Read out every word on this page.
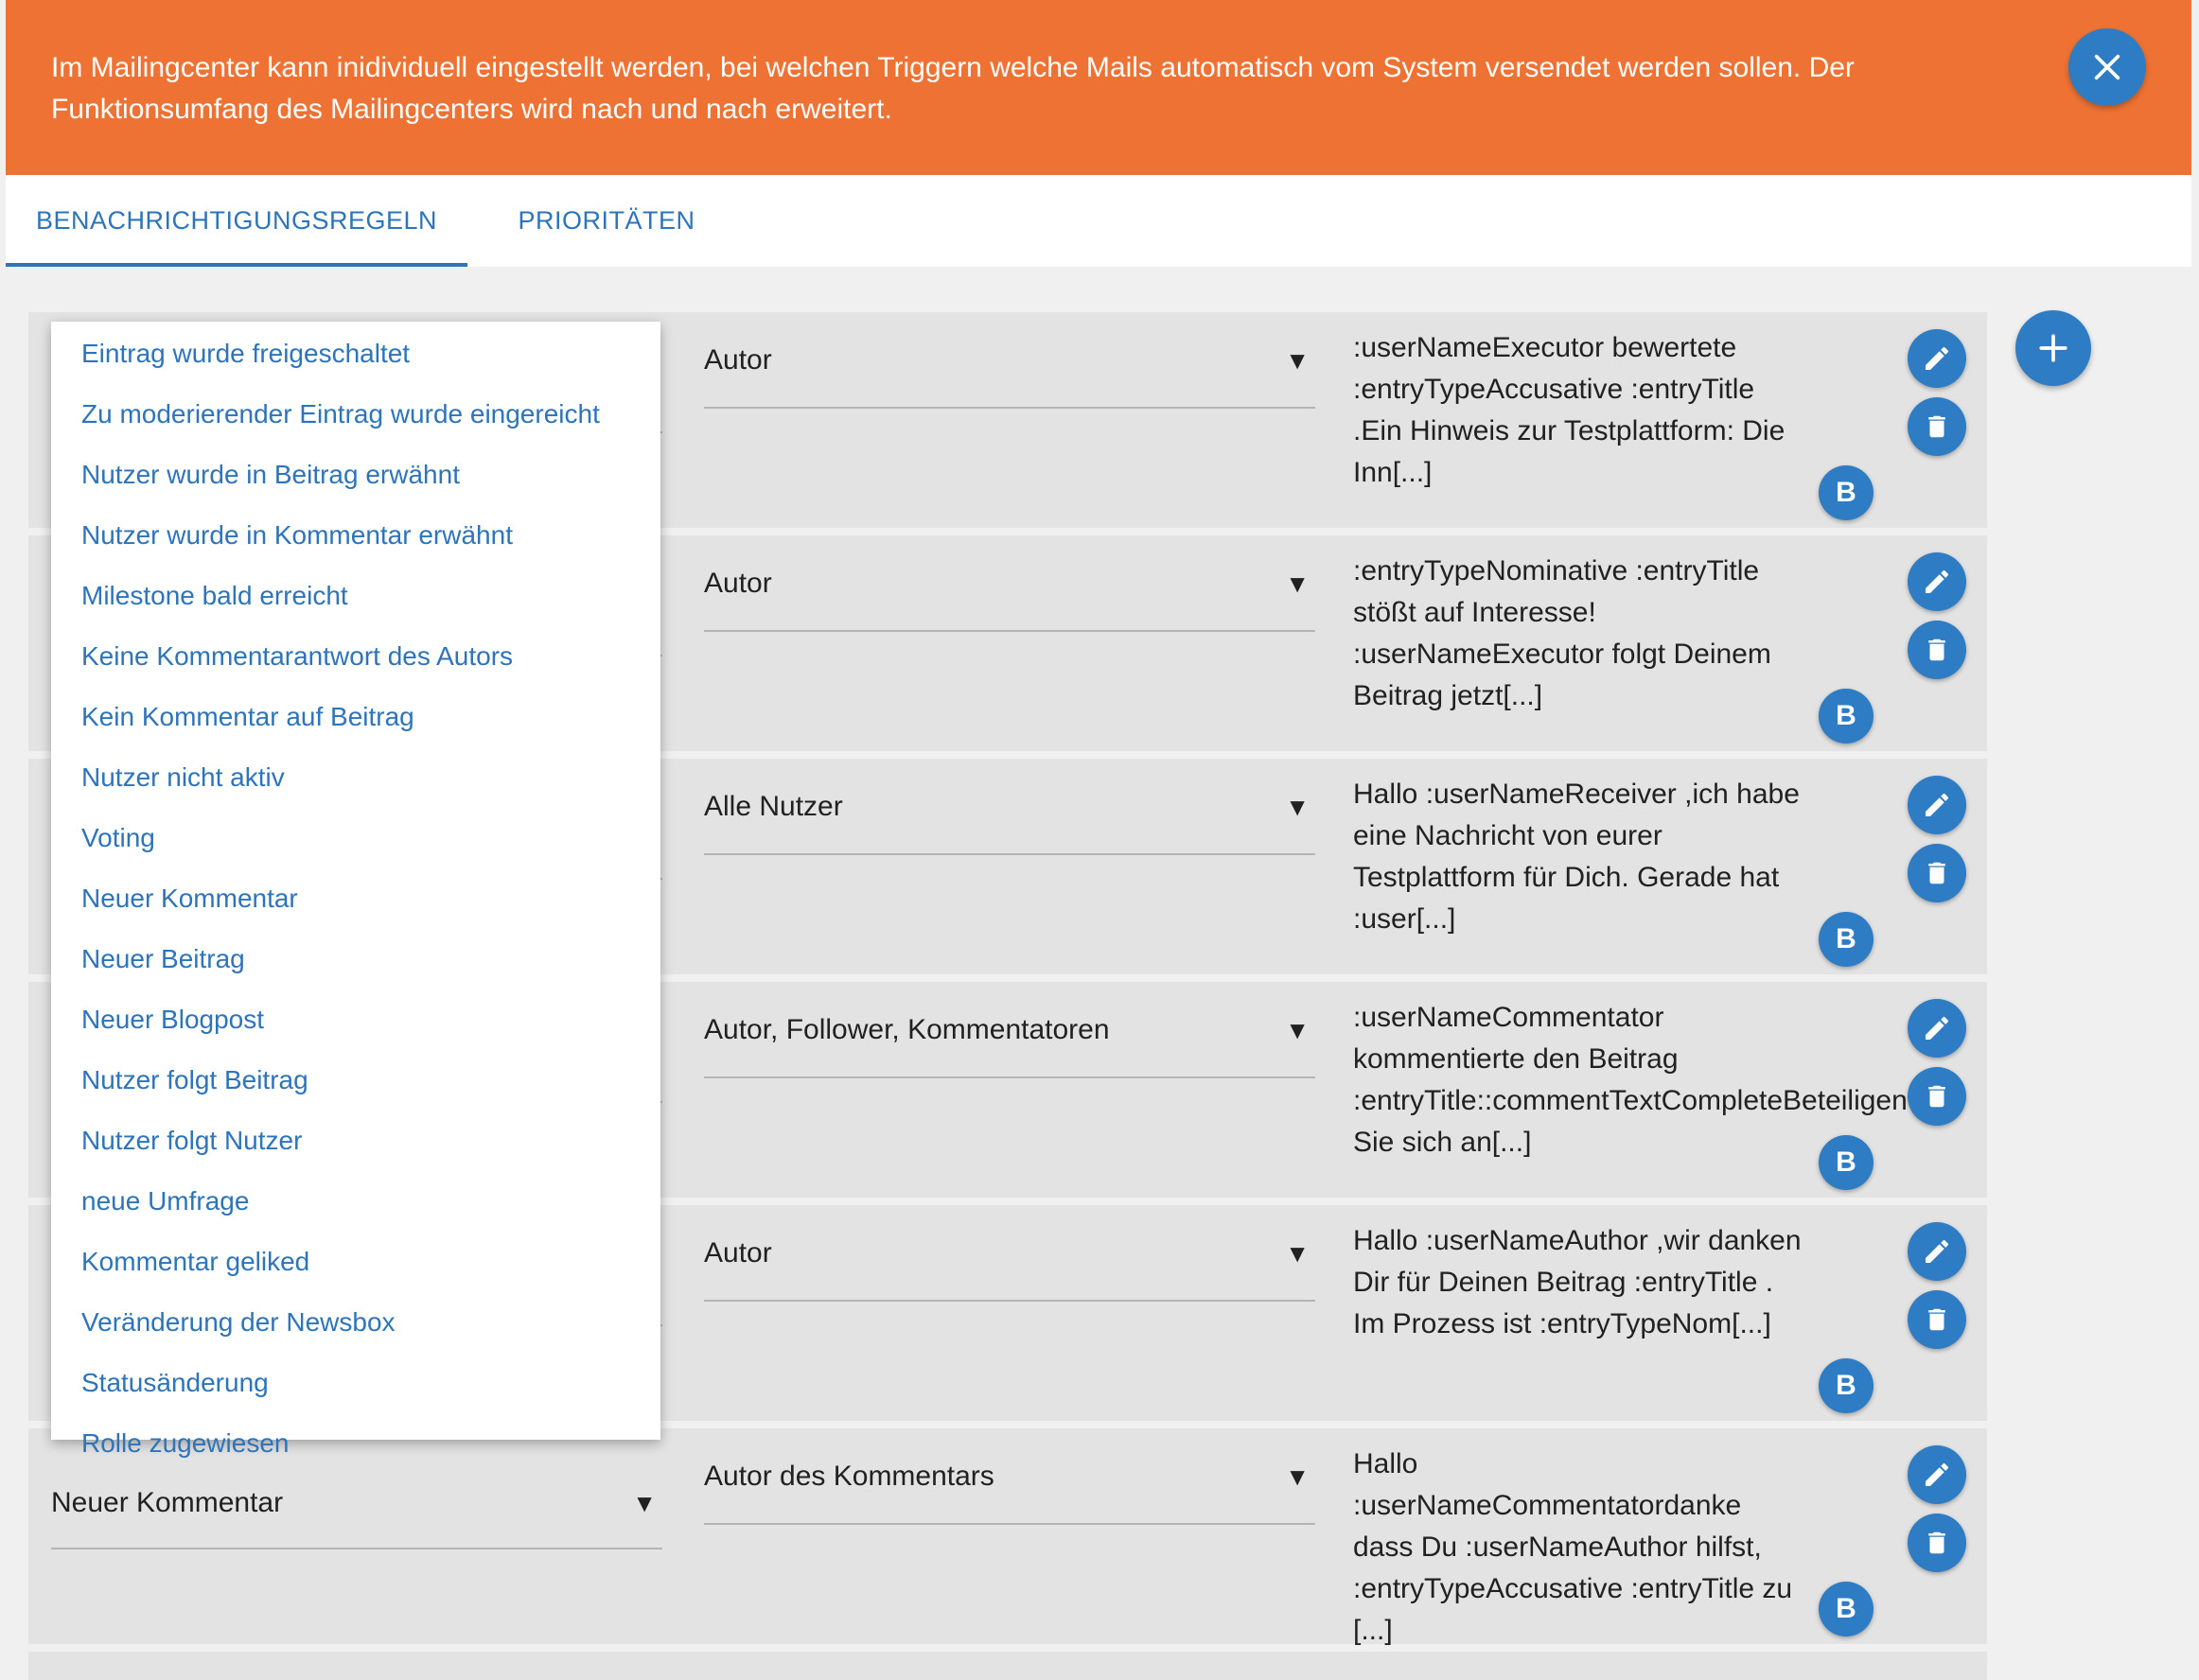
Im Mailingcenter kann inidividuell eingestellt werden, bei welchen Triggern welche Mails automatisch vom System versendet werden sollen. Der
Funktionsumfang des Mailingcenters wird nach und nach erweitert.
BENACHRICHTIGUNGSREGELN	PRIORITÄTEN
Autor	▼ :userNameExecutor bewertete
:entryTypeAccusative :entryTitle
.Ein Hinweis zur Testplattform: Die
Inn[...]
B
Autor	▼ :entryTypeNominative :entryTitle
stößt auf Interesse!
:userNameExecutor folgt Deinem
Beitrag jetzt[...]
B
Alle Nutzer	▼ Hallo :userNameReceiver ,ich habe
eine Nachricht von eurer
Testplattform für Dich. Gerade hat
:user[...]
B
Autor, Follower, Kommentatoren	▼ :userNameCommentator
kommentierte den Beitrag
:entryTitle::commentTextCompleteBeteiligen
Sie sich an[...]
B
Autor	▼ Hallo :userNameAuthor ,wir danken
Dir für Deinen Beitrag :entryTitle .
Im Prozess ist :entryTypeNom[...]
B
Neuer Kommentar	▼
Autor des Kommentars	▼ Hallo
:userNameCommentatordanke
dass Du :userNameAuthor hilfst,
:entryTypeAccusative :entryTitle zu
[...]
B
Eintrag wurde freigeschaltet
Zu moderierender Eintrag wurde eingereicht
Nutzer wurde in Beitrag erwähnt
Nutzer wurde in Kommentar erwähnt
Milestone bald erreicht
Keine Kommentarantwort des Autors
Kein Kommentar auf Beitrag
Nutzer nicht aktiv
Voting
Neuer Kommentar
Neuer Beitrag
Neuer Blogpost
Nutzer folgt Beitrag
Nutzer folgt Nutzer
neue Umfrage
Kommentar geliked
Veränderung der Newsbox
Statusänderung
Rolle zugewiesen
